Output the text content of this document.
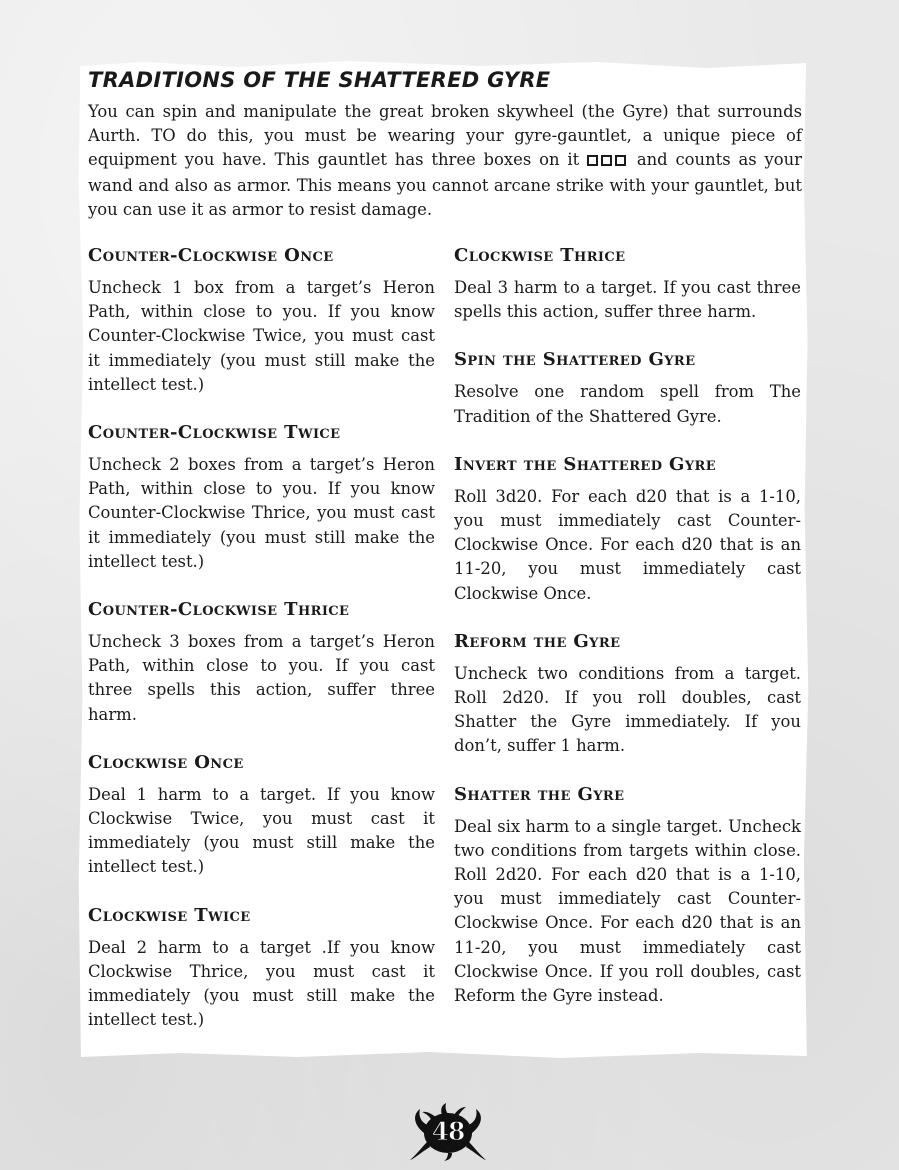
TRADITIONS OF THE SHATTERED GYRE

You can spin and manipulate the great broken skywheel (the Gyre) that surrounds Aurth. TO do this, you must be wearing your gyre-gauntlet, a unique piece of equipment you have. This gauntlet has three boxes on it	and counts as your wand and also as armor. This means you cannot arcane strike with your gauntlet, but you can use it as armor to resist damage.

Counter-Clockwise Once

Uncheck 1 box from a target’s Heron Path, within close to you. If you know Counter-Clockwise Twice, you must cast it immediately (you must still make the intellect test.)

Counter-Clockwise Twice

Uncheck 2 boxes from a target’s Heron Path, within close to you. If you know Counter-Clockwise Thrice, you must cast it immediately (you must still make the intellect test.)

Counter-Clockwise Thrice

Uncheck 3 boxes from a target’s Heron Path, within close to you. If you cast three spells this action, suffer three harm.

Clockwise Once

Deal 1 harm to a target. If you know Clockwise Twice, you must cast it immediately (you must still make the intellect test.)

Clockwise Twice

Deal 2 harm to a target .If you know Clockwise Thrice, you must cast it immediately (you must still make the intellect test.)

Clockwise Thrice

Deal 3 harm to a target. If you cast three spells this action, suffer three harm.

Spin the Shattered Gyre

Resolve one random spell from The Tradition of the Shattered Gyre.

Invert the Shattered Gyre

Roll 3d20. For each d20 that is a 1-10, you must immediately cast Counter-Clockwise Once. For each d20 that is an 11-20, you must immediately cast Clockwise Once.

Reform the Gyre

Uncheck two conditions from a target. Roll 2d20. If you roll doubles, cast Shatter the Gyre immediately. If you don’t, suffer 1 harm.

Shatter the Gyre

Deal six harm to a single target. Uncheck two conditions from targets within close. Roll 2d20. For each d20 that is a 1-10, you must immediately cast Counter-Clockwise Once. For each d20 that is an 11-20, you must immediately cast Clockwise Once. If you roll doubles, cast Reform the Gyre instead.

48
